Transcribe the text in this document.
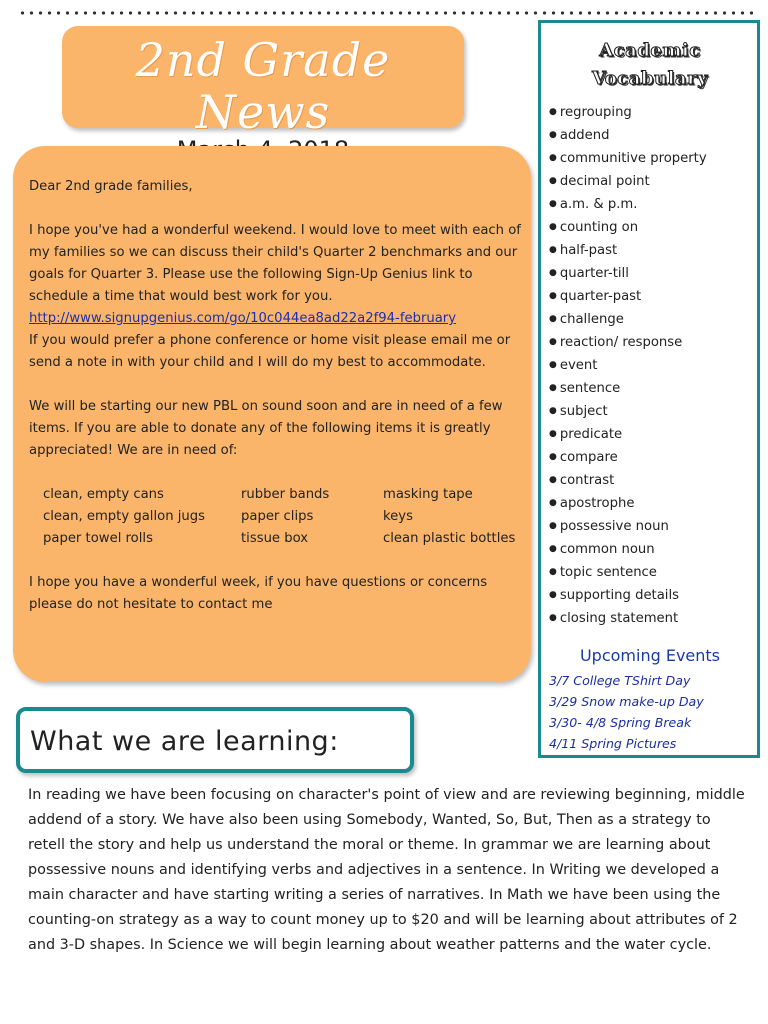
2nd Grade News

Dear 2nd grade families,

I hope you've had a wonderful weekend. I would love to meet with each of my families so we can discuss their child's Quarter 2 benchmarks and our goals for Quarter 3. Please use the following Sign-Up Genius link to schedule a time that would best work for you.

http://www.signupgenius.com/go/10c044ea8ad22a2f94-february

If you would prefer a phone conference or home visit please email me or send a note in with your child and I will do my best to accommodate.

We will be starting our new PBL on sound soon and are in need of a few items. If you are able to donate any of the following items it is greatly appreciated! We are in need of:

clean, empty cans	rubber bands	masking tape
clean, empty gallon jugs	paper clips	keys
paper towel rolls	tissue box	clean plastic bottles

I hope you have a wonderful week, if you have questions or concerns please do not hesitate to contact me

Academic
Vocabulary
● regrouping
● addend
● communitive property
● decimal point
● a.m. & p.m.
● counting on
● half-past
● quarter-till
● quarter-past
● challenge
● reaction/ response
● event
● sentence
● subject
● predicate
● compare
● contrast
● apostrophe
● possessive noun
● common noun
● topic sentence
● supporting details
● closing statement
Upcoming Events
3/7 College TShirt Day
3/29 Snow make-up Day
3/30- 4/8 Spring Break
4/11 Spring Pictures
What we are learning:
In reading we have been focusing on character's point of view and are reviewing beginning, middle addend of a story. We have also been using Somebody, Wanted, So, But, Then as a strategy to retell the story and help us understand the moral or theme. In grammar we are learning about possessive nouns and identifying verbs and adjectives in a sentence. In Writing we developed a main character and have starting writing a series of narratives. In Math we have been using the counting-on strategy as a way to count money up to $20 and will be learning about attributes of 2 and 3-D shapes. In Science we will begin learning about weather patterns and the water cycle.
